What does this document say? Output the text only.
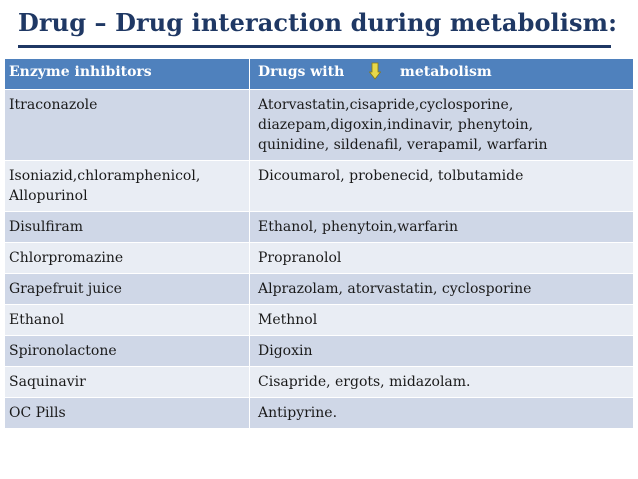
Drug – Drug interaction during metabolism:
Enzyme inhibitors	Drugs with metabolism
Itraconazole	Atorvastatin,cisapride,cyclosporine,
diazepam,digoxin,indinavir, phenytoin,
quinidine, sildenafil, verapamil, warfarin
Isoniazid,chloramphenicol,
Allopurinol	Dicoumarol, probenecid, tolbutamide
Disulfiram	Ethanol, phenytoin,warfarin
Chlorpromazine	Propranolol
Grapefruit juice	Alprazolam, atorvastatin, cyclosporine
Ethanol	Methnol
Spironolactone	Digoxin
Saquinavir	Cisapride, ergots, midazolam.
OC Pills	Antipyrine.
